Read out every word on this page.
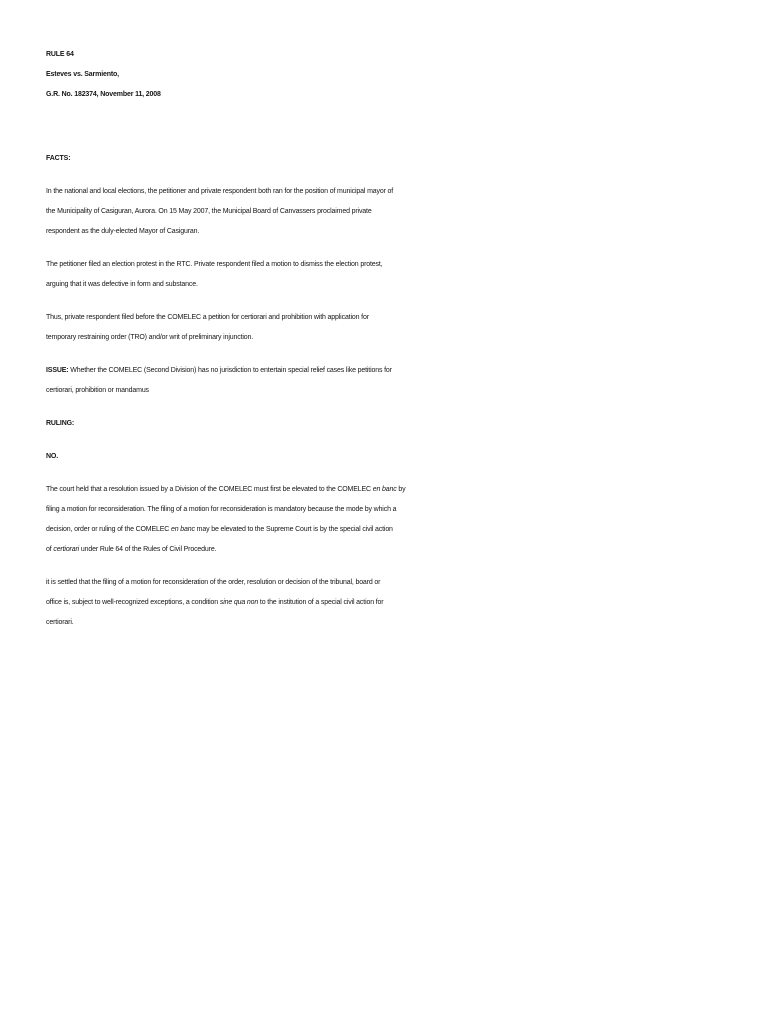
RULE 64
Esteves vs. Sarmiento,
G.R. No. 182374, November 11, 2008
FACTS:
In the national and local elections, the petitioner and private respondent both ran for the position of municipal mayor of
the Municipality of Casiguran, Aurora. On 15 May 2007, the Municipal Board of Canvassers proclaimed private
respondent as the duly-elected Mayor of Casiguran.
The petitioner filed an election protest in the RTC. Private respondent filed a motion to dismiss the election protest,
arguing that it was defective in form and substance.
Thus, private respondent filed before the COMELEC a petition for certiorari and prohibition with application for
temporary restraining order (TRO) and/or writ of preliminary injunction.
ISSUE: Whether the COMELEC (Second Division) has no jurisdiction to entertain special relief cases like petitions for
certiorari, prohibition or mandamus
RULING:
NO.
The court held that a resolution issued by a Division of the COMELEC must first be elevated to the COMELEC en banc by
filing a motion for reconsideration. The filing of a motion for reconsideration is mandatory because the mode by which a
decision, order or ruling of the COMELEC en banc may be elevated to the Supreme Court is by the special civil action
of certiorari under Rule 64 of the Rules of Civil Procedure.
it is settled that the filing of a motion for reconsideration of the order, resolution or decision of the tribunal, board or
office is, subject to well-recognized exceptions, a condition sine qua non to the institution of a special civil action for
certiorari.
